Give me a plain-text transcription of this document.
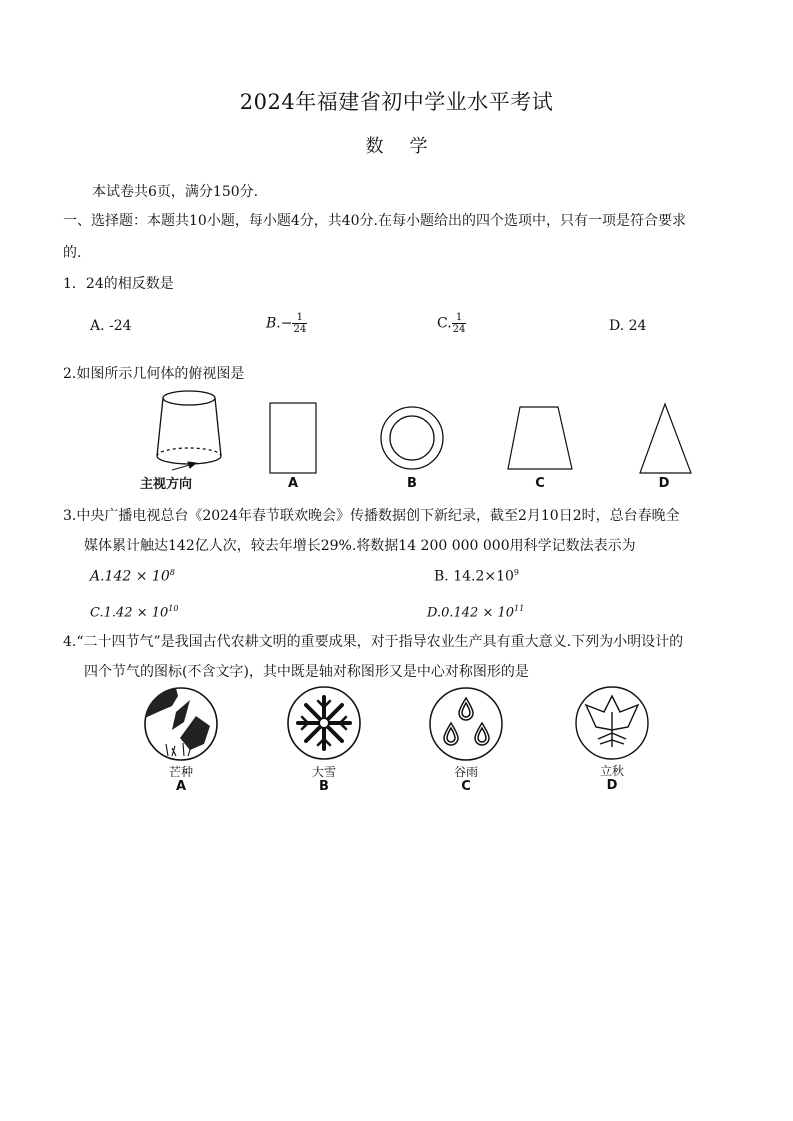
2024年福建省初中学业水平考试
数学
本试卷共6页，满分150分.
一、选择题：本题共10小题，每小题4分，共40分.在每小题给出的四个选项中，只有一项是符合要求
的.
1．24的相反数是
A. -24	$B.- \frac{1}{24}$	C. $\frac{1}{24}$	D. 24
2.如图所示几何体的俯视图是
主视方向	A	B	C	D
3.中央广播电视总台《2024年春节联欢晚会》传播数据创下新纪录，截至2月10日2时，总台春晚全
媒体累计触达142亿人次，较去年增长29%.将数据14 200 000 000用科学记数法表示为
$A.142 \times 10^8$	B. $14.2\times 10^9$
$C.1.42 \times 10^{10}$	$D.0.142 \times 10^{11}$
4.“二十四节气”是我国古代农耕文明的重要成果，对于指导农业生产具有重大意义.下列为小明设计的
四个节气的图标(不含文字)，其中既是轴对称图形又是中心对称图形的是
芒种
A
大雪
B
谷雨
C
立秋
D
